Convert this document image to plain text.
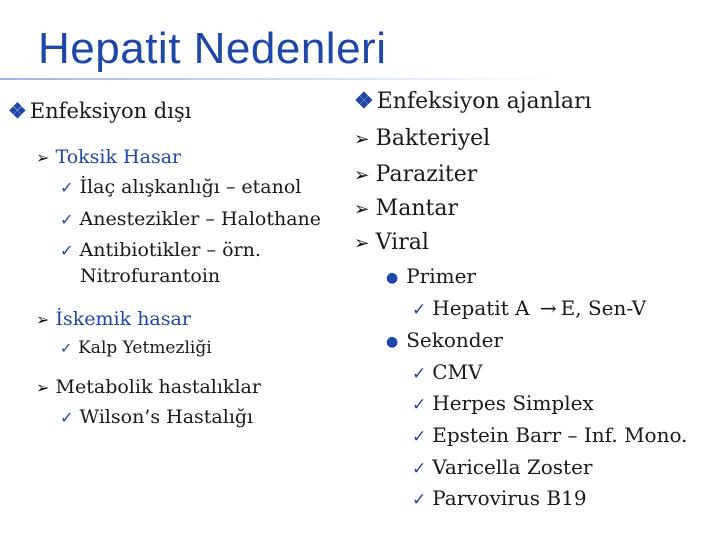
Hepatit Nedenleri
❖ Enfeksiyon dışı
➢ Toksik Hasar
✓ İlaç alışkanlığı – etanol
✓ Anestezikler – Halothane
✓ Antibiotikler – örn.
Nitrofurantoin
➢ İskemik hasar
✓ Kalp Yetmezliği
➢ Metabolik hastalıklar
✓ Wilson’s Hastalığı
❖ Enfeksiyon ajanları
➢ Bakteriyel
➢ Paraziter
➢ Mantar
➢ Viral
● Primer
✓ Hepatit A → E, Sen-V
● Sekonder
✓ CMV
✓ Herpes Simplex
✓ Epstein Barr – Inf. Mono.
✓ Varicella Zoster
✓ Parvovirus B19
